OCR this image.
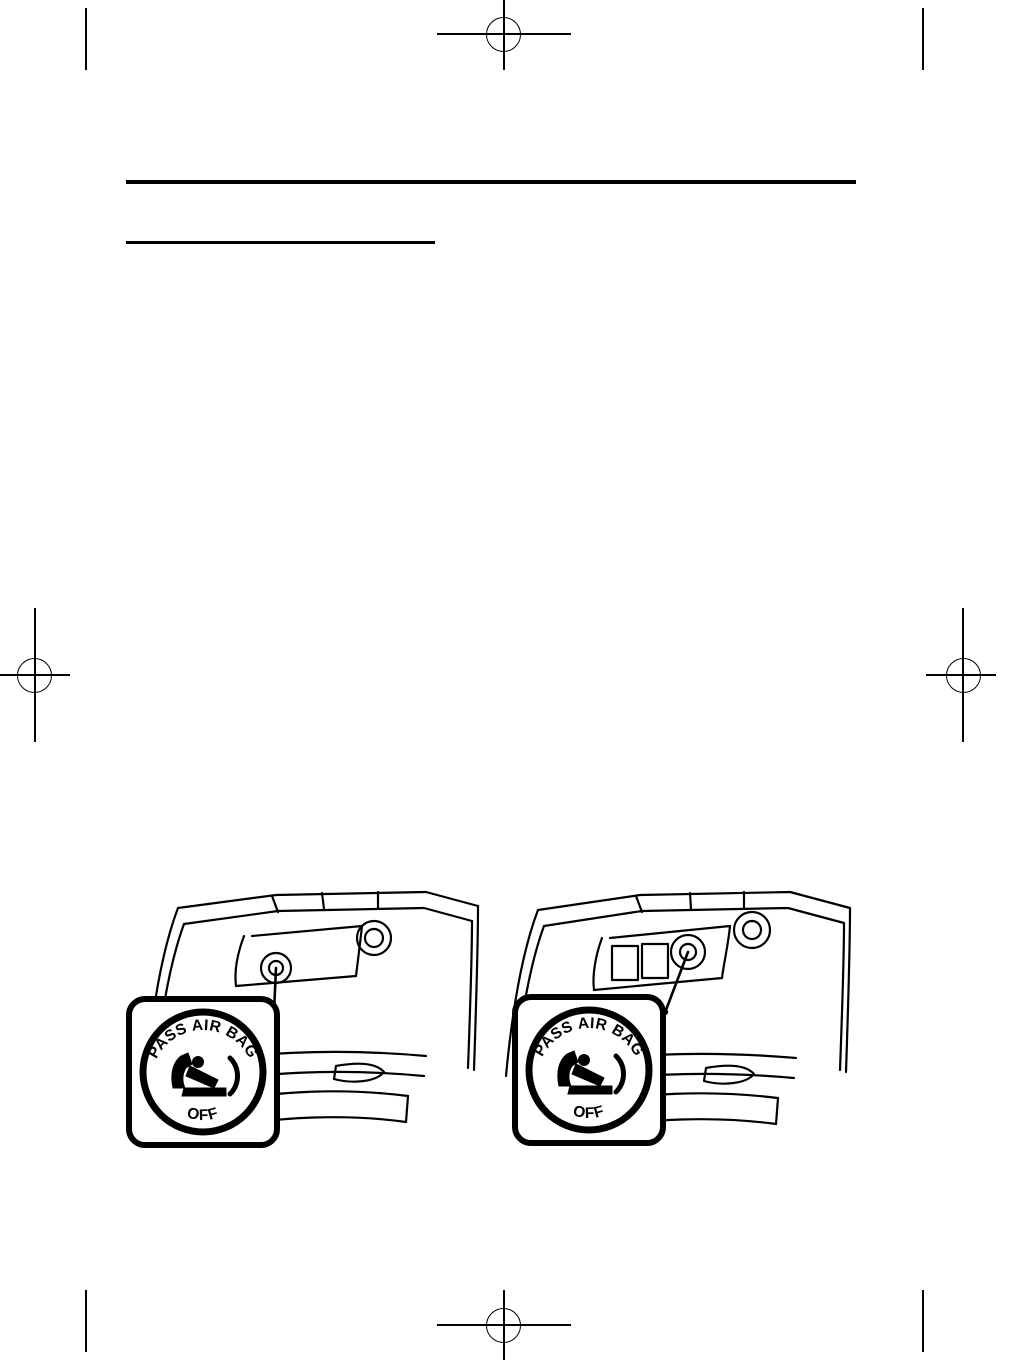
PASS AIR BAG
OFF
PASS AIR BAG
OFF
